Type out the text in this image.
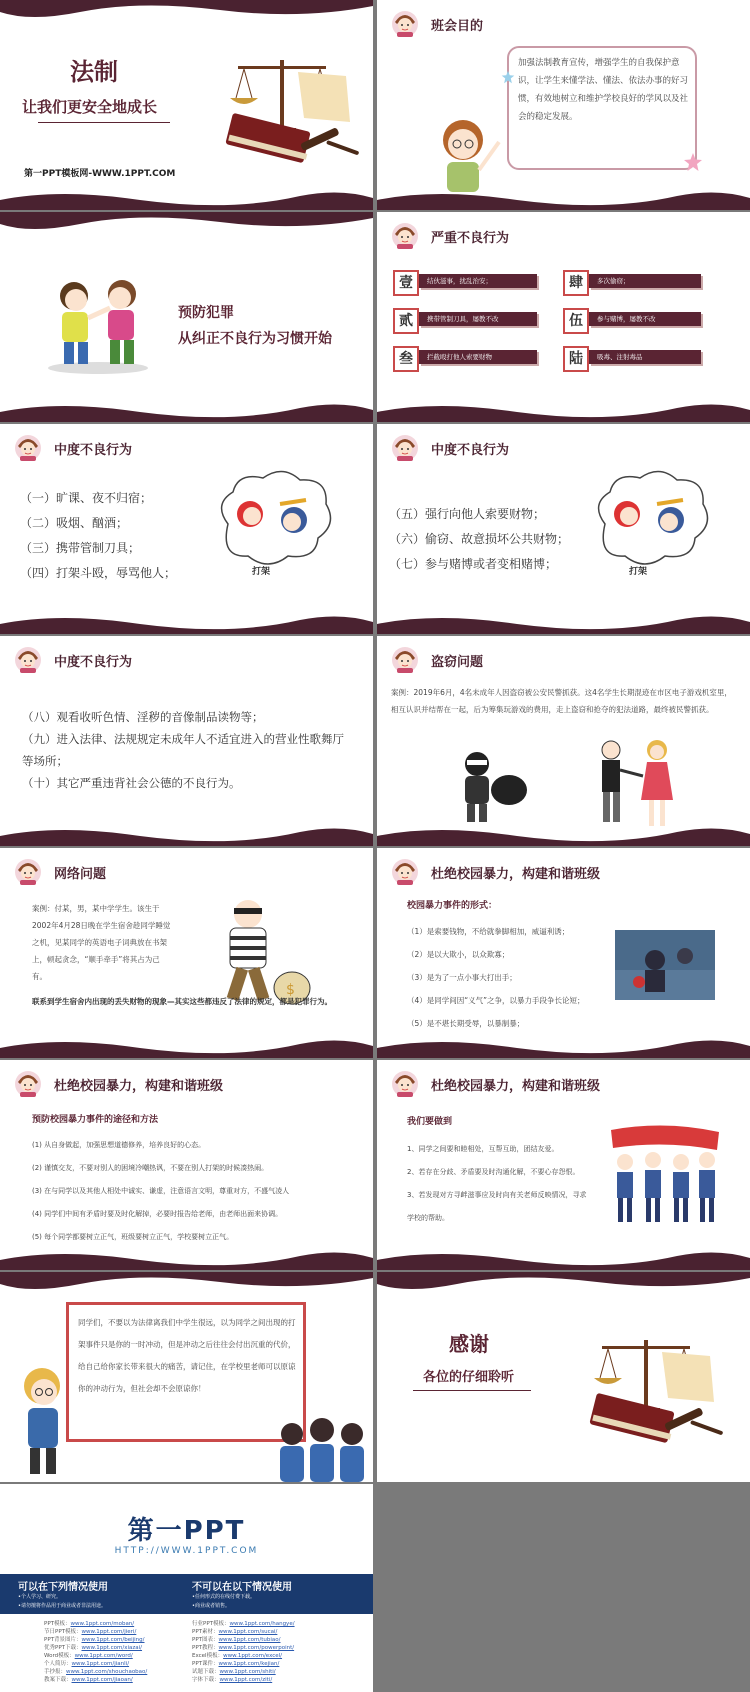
法制
让我们更安全地成长
第一PPT模板网-WWW.1PPT.COM
班会目的
加强法制教育宣传，增强学生的自我保护意识，让学生来懂学法、懂法、依法办事的好习惯，有效地树立和维护学校良好的学风以及社会的稳定发展。
预防犯罪
从纠正不良行为习惯开始
严重不良行为
壹	结伙滋事，扰乱治安；	肆	多次偷窃；
贰	携带管制刀具，屡教不改	伍	参与赌博，屡教不改
叁	拦截殴打他人索要财物	陆	吸毒、注射毒品
中度不良行为
（一）旷课、夜不归宿；
（二）吸烟、酗酒；
（三）携带管制刀具；
（四）打架斗殴，辱骂他人；	打架
中度不良行为
（五）强行向他人索要财物；
（六）偷窃、故意损坏公共财物；
（七）参与赌博或者变相赌博；
打架
中度不良行为
（八）观看收听色情、淫秽的音像制品读物等；
（九）进入法律、法规规定未成年人不适宜进入的营业性歌舞厅等场所；
（十）其它严重违背社会公德的不良行为。
盗窃问题
案例：2019年6月，4名未成年人因盗窃被公安民警抓获。这4名学生长期混迹在市区电子游戏机室里，相互认识并结帮在一起，后为筹集玩游戏的费用，走上盗窃和抢夺的犯法道路，最终被民警抓获。
网络问题
案例：付某，男，某中学学生。该生于2002年4月28日晚在学生宿舍趁同学睡觉之机，见某同学的英语电子词典放在书架上，顿起贪念，“顺手牵手”将其占为己有。
$
联系到学生宿舍内出现的丢失财物的现象—其实这些都违反了法律的规定，都是犯罪行为。
杜绝校园暴力，构建和谐班级
校园暴力事件的形式：
（1）是索要钱物，不给就拳脚相加，威逼利诱；
（2）是以大欺小，以众欺寡；
（3）是为了一点小事大打出手；
（4）是同学间因“义气”之争，以暴力手段争长论短；
（5）是不堪长期受辱，以暴制暴；
杜绝校园暴力，构建和谐班级
预防校园暴力事件的途径和方法
(1) 从自身做起，加强思想道德修养，培养良好的心态。
(2) 谨慎交友，不要对别人的困境冷嘲热讽，不要在别人打架的时候凑热闹。
(3) 在与同学以及其他人相处中诚实、谦虚，注意语言文明，尊重对方，不盛气凌人
(4) 同学们中间有矛盾时要及时化解掉，必要时报告给老师，由老师出面来协调。
(5) 每个同学都要树立正气，班级要树立正气，学校要树立正气。
杜绝校园暴力，构建和谐班级
我们要做到
1、同学之间要和睦相处，互帮互助，团结友爱。
2、若存在分歧、矛盾要及时沟通化解，不要心存怨恨。
3、若发现对方寻衅滋事应及时向有关老师反映情况，寻求学校的帮助。
同学们，不要以为法律离我们中学生很远，以为同学之间出现的打架事件只是你的一时冲动，但是冲动之后往往会付出沉重的代价，给自己给你家长带来很大的痛苦，请记住，在学校里老师可以原谅你的冲动行为，但社会却不会原谅你！
感谢
各位的仔细聆听
第一PPT
HTTP://WWW.1PPT.COM
可以在下列情况使用
•个人学习、研究。
•请勿擅将作品用于商业或者非法用途。
不可以在以下情况使用
•任何形式的在线付费下载。
•商业或者销售。
PPT模板：www.1ppt.com/moban/
节日PPT模板：www.1ppt.com/jieri/
PPT背景图片：www.1ppt.com/beijing/
优秀PPT下载：www.1ppt.com/xiazai/
Word模板：www.1ppt.com/word/
个人简历：www.1ppt.com/jianli/
手抄报：www.1ppt.com/shouchaobao/
教案下载：www.1ppt.com/jiaoan/
行业PPT模板：www.1ppt.com/hangye/
PPT素材：www.1ppt.com/sucai/
PPT图表：www.1ppt.com/tubiao/
PPT教程：www.1ppt.com/powerpoint/
Excel模板：www.1ppt.com/excel/
PPT课件：www.1ppt.com/kejian/
试题下载：www.1ppt.com/shiti/
字体下载：www.1ppt.com/ziti/
